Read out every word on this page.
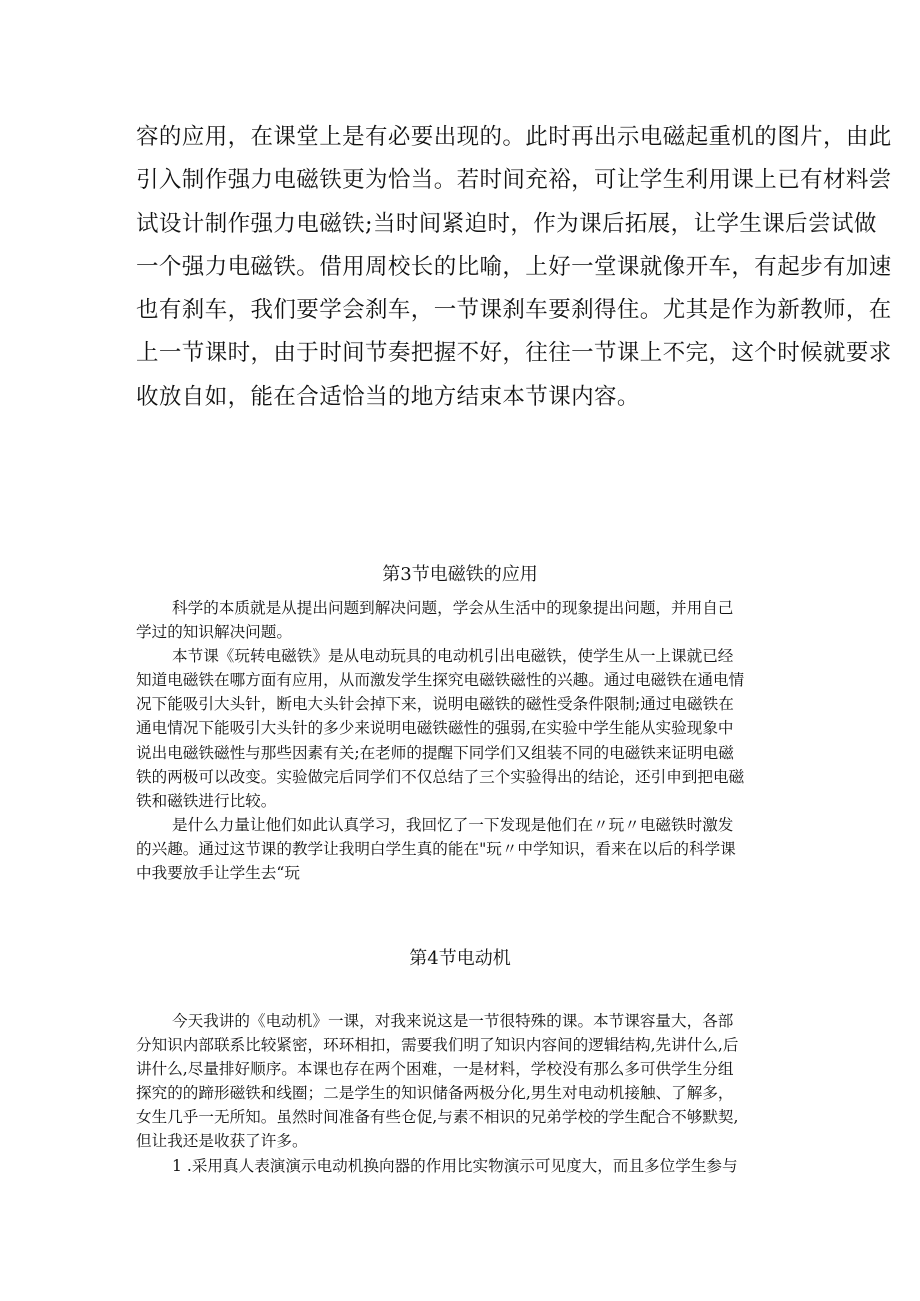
容的应用，在课堂上是有必要出现的。此时再出示电磁起重机的图片，由此
引入制作强力电磁铁更为恰当。若时间充裕，可让学生利用课上已有材料尝
试设计制作强力电磁铁;当时间紧迫时，作为课后拓展，让学生课后尝试做
一个强力电磁铁。借用周校长的比喻，上好一堂课就像开车，有起步有加速
也有刹车，我们要学会刹车，一节课刹车要刹得住。尤其是作为新教师，在
上一节课时，由于时间节奏把握不好，往往一节课上不完，这个时候就要求
收放自如，能在合适恰当的地方结束本节课内容。
第3节电磁铁的应用
科学的本质就是从提出问题到解决问题，学会从生活中的现象提出问题，并用自己
学过的知识解决问题。
本节课《玩转电磁铁》是从电动玩具的电动机引出电磁铁，使学生从一上课就已经
知道电磁铁在哪方面有应用，从而激发学生探究电磁铁磁性的兴趣。通过电磁铁在通电情
况下能吸引大头针，断电大头针会掉下来，说明电磁铁的磁性受条件限制;通过电磁铁在
通电情况下能吸引大头针的多少来说明电磁铁磁性的强弱,在实验中学生能从实验现象中
说出电磁铁磁性与那些因素有关;在老师的提醒下同学们又组装不同的电磁铁来证明电磁
铁的两极可以改变。实验做完后同学们不仅总结了三个实验得出的结论，还引申到把电磁
铁和磁铁进行比较。
是什么力量让他们如此认真学习，我回忆了一下发现是他们在〃玩〃电磁铁时激发
的兴趣。通过这节课的教学让我明白学生真的能在"玩〃中学知识，看来在以后的科学课
中我要放手让学生去“玩
第4节电动机
今天我讲的《电动机》一课，对我来说这是一节很特殊的课。本节课容量大，各部
分知识内部联系比较紧密，环环相扣，需要我们明了知识内容间的逻辑结构,先讲什么,后
讲什么,尽量排好顺序。本课也存在两个困难，一是材料，学校没有那么多可供学生分组
探究的的蹄形磁铁和线圈；二是学生的知识储备两极分化,男生对电动机接触、了解多，
女生几乎一无所知。虽然时间准备有些仓促,与素不相识的兄弟学校的学生配合不够默契,
但让我还是收获了许多。
1 .采用真人表演演示电动机换向器的作用比实物演示可见度大，而且多位学生参与
